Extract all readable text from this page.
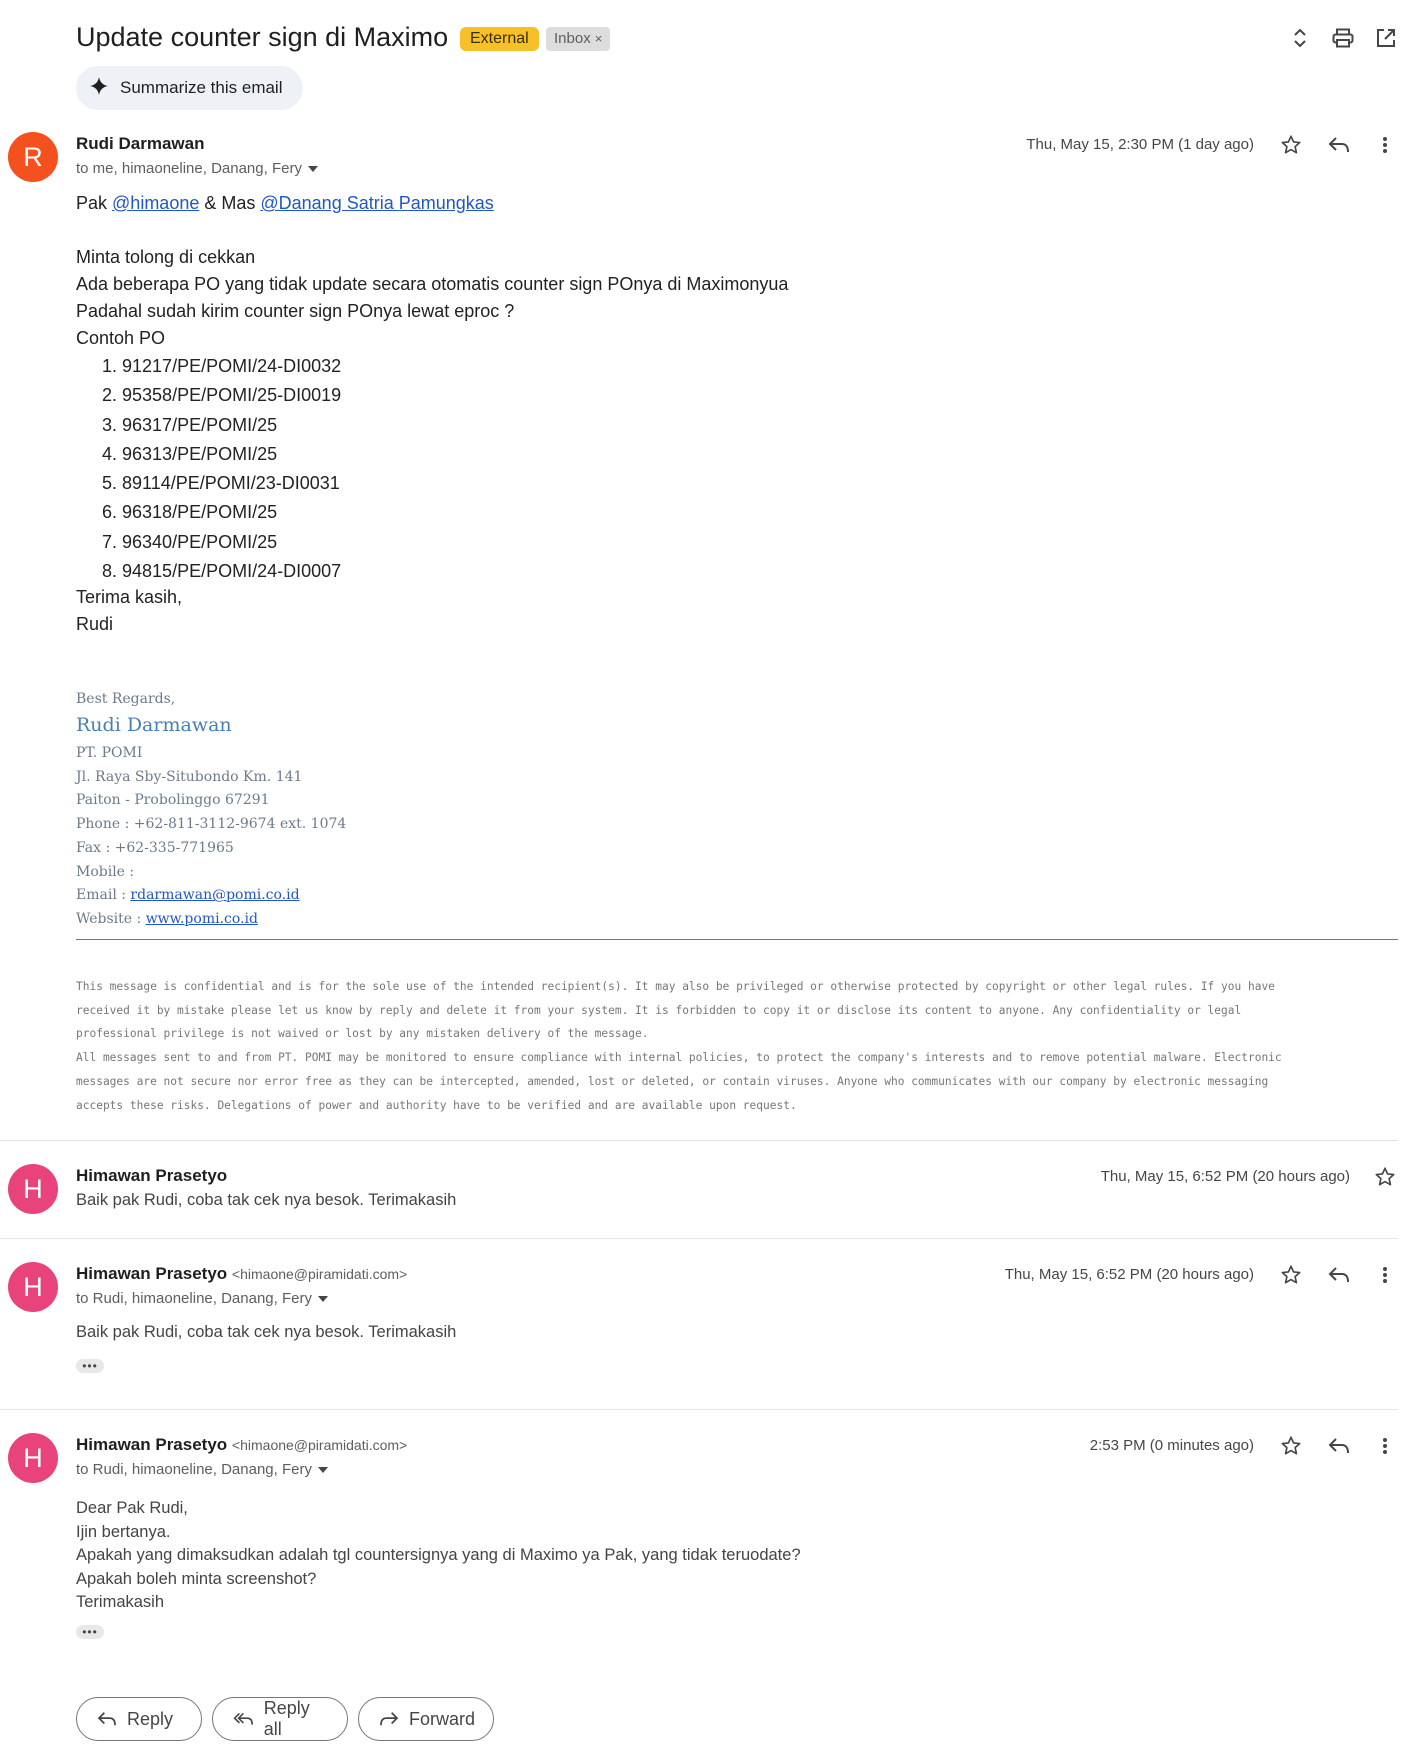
Update counter sign di Maximo	External	Inbox ×
Summarize this email
R Rudi Darmawan
to me, himaoneline, Danang, Fery
Thu, May 15, 2:30 PM (1 day ago)
Pak @himaone & Mas @Danang Satria Pamungkas
Minta tolong di cekkan
Ada beberapa PO yang tidak update secara otomatis counter sign POnya di Maximonyua
Padahal sudah kirim counter sign POnya lewat eproc ?
Contoh PO
1. 91217/PE/POMI/24-DI0032
2. 95358/PE/POMI/25-DI0019
3. 96317/PE/POMI/25
4. 96313/PE/POMI/25
5. 89114/PE/POMI/23-DI0031
6. 96318/PE/POMI/25
7. 96340/PE/POMI/25
8. 94815/PE/POMI/24-DI0007
Terima kasih,
Rudi
Best Regards,
Rudi Darmawan
PT. POMI
Jl. Raya Sby-Situbondo Km. 141
Paiton - Probolinggo 67291
Phone : +62-811-3112-9674 ext. 1074
Fax : +62-335-771965
Mobile :
Email : rdarmawan@pomi.co.id
Website : www.pomi.co.id
This message is confidential and is for the sole use of the intended recipient(s). It may also be privileged or otherwise protected by copyright or other legal rules. If you have
received it by mistake please let us know by reply and delete it from your system. It is forbidden to copy it or disclose its content to anyone. Any confidentiality or legal
professional privilege is not waived or lost by any mistaken delivery of the message.
All messages sent to and from PT. POMI may be monitored to ensure compliance with internal policies, to protect the company's interests and to remove potential malware. Electronic
messages are not secure nor error free as they can be intercepted, amended, lost or deleted, or contain viruses. Anyone who communicates with our company by electronic messaging
accepts these risks. Delegations of power and authority have to be verified and are available upon request.
H Himawan Prasetyo
Baik pak Rudi, coba tak cek nya besok. Terimakasih
Thu, May 15, 6:52 PM (20 hours ago)
H Himawan Prasetyo <himaone@piramidati.com>
to Rudi, himaoneline, Danang, Fery
Thu, May 15, 6:52 PM (20 hours ago)
Baik pak Rudi, coba tak cek nya besok. Terimakasih
•••
H Himawan Prasetyo <himaone@piramidati.com>
to Rudi, himaoneline, Danang, Fery
2:53 PM (0 minutes ago)
Dear Pak Rudi,
Ijin bertanya.
Apakah yang dimaksudkan adalah tgl countersignya yang di Maximo ya Pak, yang tidak teruodate?
Apakah boleh minta screenshot?
Terimakasih
•••
Reply
Reply all
Forward
